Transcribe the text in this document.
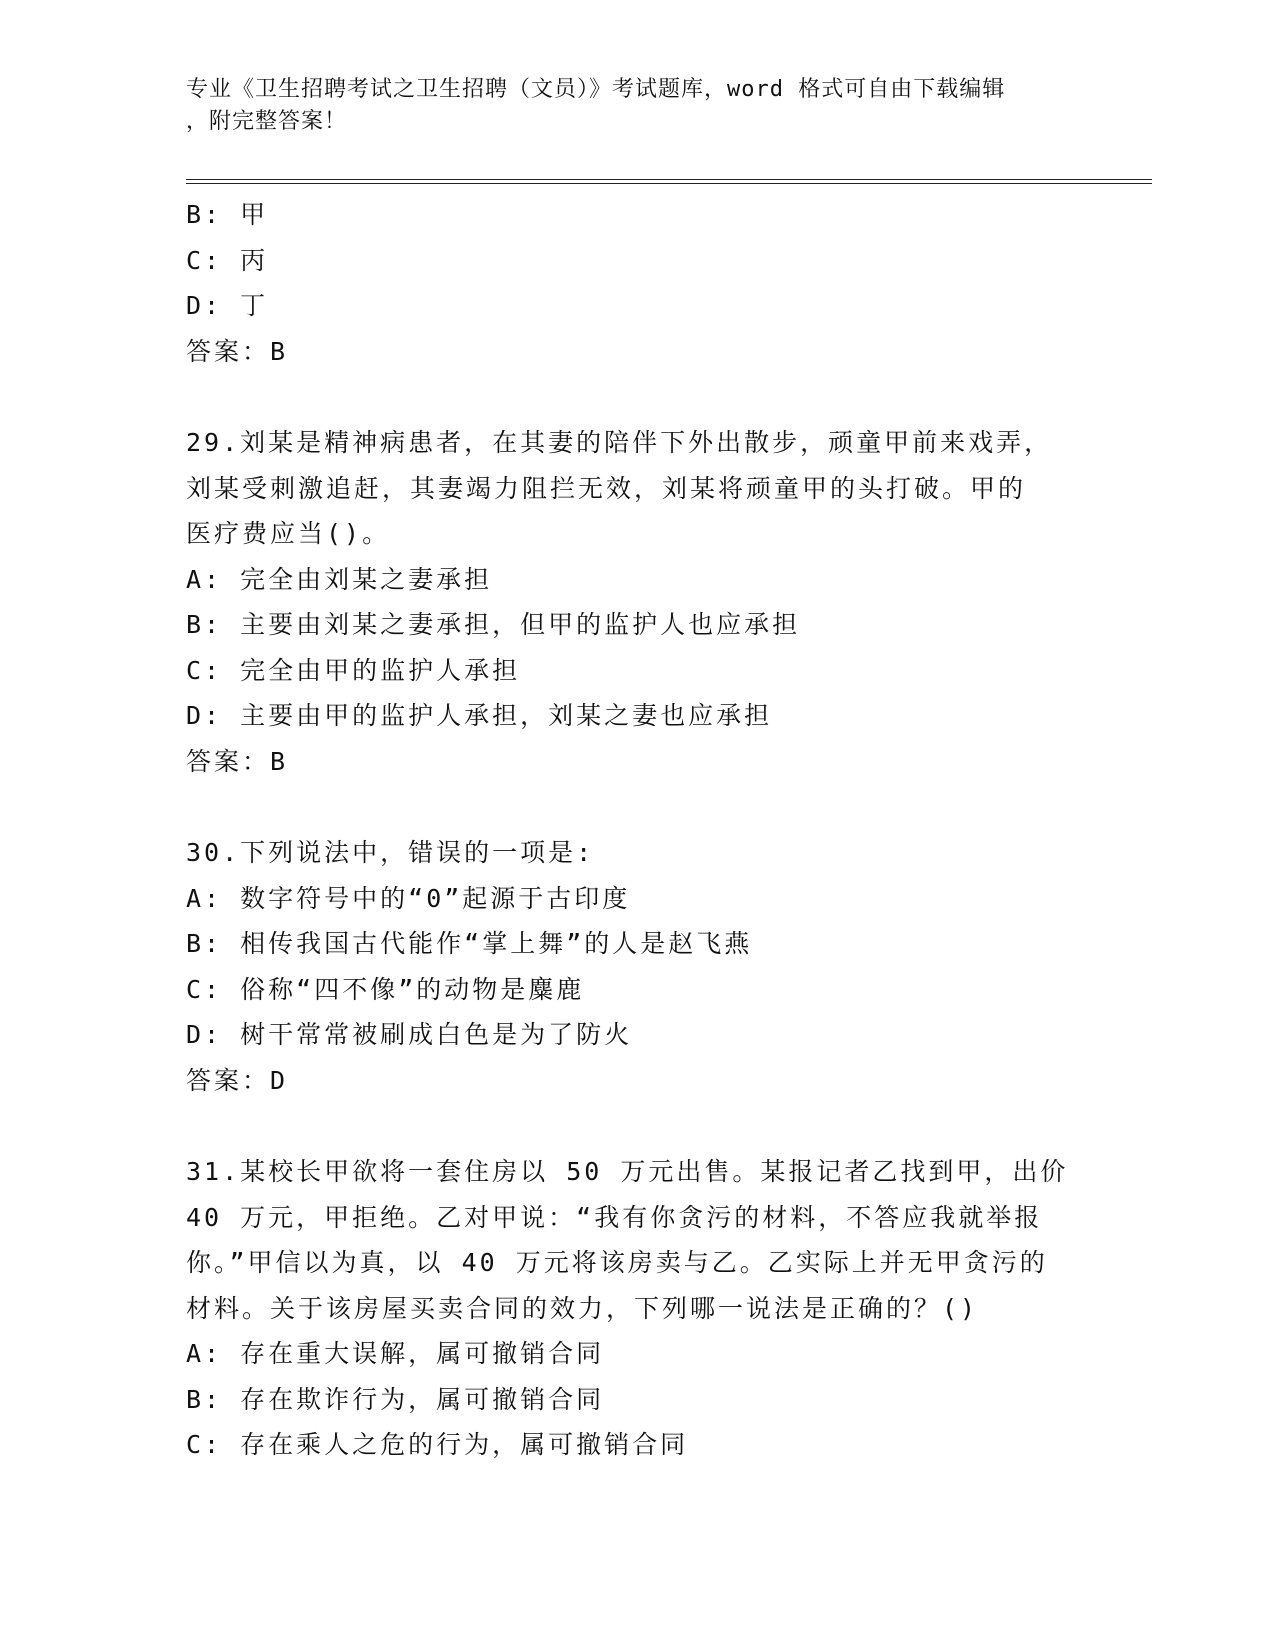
专业《卫生招聘考试之卫生招聘（文员）》考试题库，word 格式可自由下载编辑
，附完整答案！
B: 甲
C: 丙
D: 丁
答案：B
29.刘某是精神病患者，在其妻的陪伴下外出散步，顽童甲前来戏弄，
刘某受刺激追赶，其妻竭力阻拦无效，刘某将顽童甲的头打破。甲的
医疗费应当()。
A: 完全由刘某之妻承担
B: 主要由刘某之妻承担，但甲的监护人也应承担
C: 完全由甲的监护人承担
D: 主要由甲的监护人承担，刘某之妻也应承担
答案：B
30.下列说法中，错误的一项是:
A: 数字符号中的“0”起源于古印度
B: 相传我国古代能作“掌上舞”的人是赵飞燕
C: 俗称“四不像”的动物是麋鹿
D: 树干常常被刷成白色是为了防火
答案：D
31.某校长甲欲将一套住房以 50 万元出售。某报记者乙找到甲，出价
40 万元，甲拒绝。乙对甲说：“我有你贪污的材料，不答应我就举报
你。”甲信以为真，以 40 万元将该房卖与乙。乙实际上并无甲贪污的
材料。关于该房屋买卖合同的效力，下列哪一说法是正确的？()
A: 存在重大误解，属可撤销合同
B: 存在欺诈行为，属可撤销合同
C: 存在乘人之危的行为，属可撤销合同
